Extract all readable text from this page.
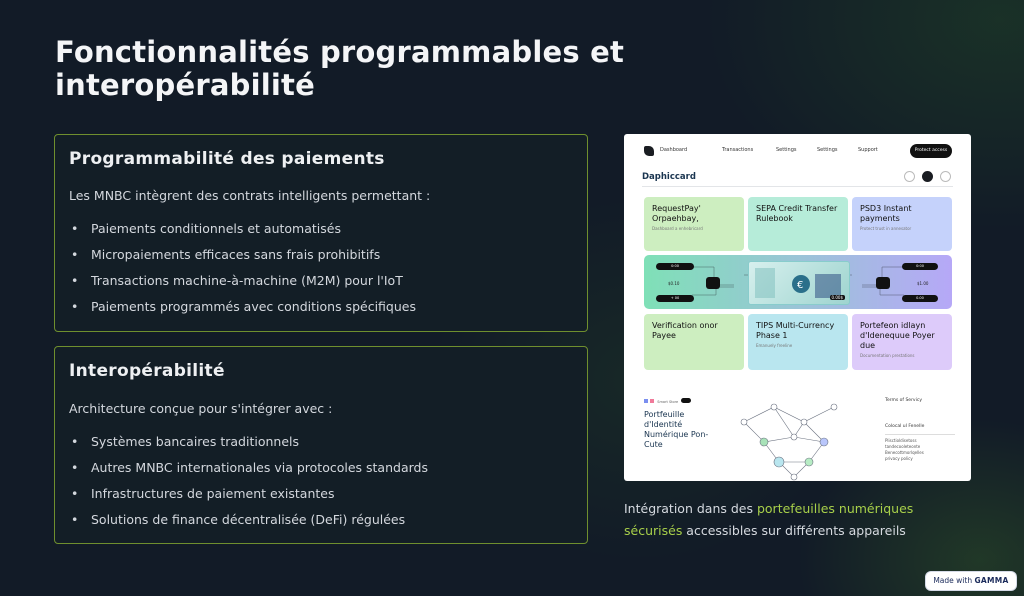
Fonctionnalités programmables et interopérabilité
Programmabilité des paiements
Les MNBC intègrent des contrats intelligents permettant :
• Paiements conditionnels et automatisés
• Micropaiements efficaces sans frais prohibitifs
• Transactions machine-à-machine (M2M) pour l'IoT
• Paiements programmés avec conditions spécifiques
Interopérabilité
Architecture conçue pour s'intégrer avec :
• Systèmes bancaires traditionnels
• Autres MNBC internationales via protocoles standards
• Infrastructures de paiement existantes
• Solutions de finance décentralisée (DeFi) régulées
Dashboard	Transactions	Settings	Settings	Support	Protect access
Daphiccard
RequestPay' Orpaehbay,
Dashboard a enhebricard
SEPA Credit Transfer Rulebook
PSD3 Instant payments
Protect trust in annesator
0:00	0:00
$0.10
+ 00
$1.00
0.00
€
0.00$
Verification onor Payee
TIPS Multi-Currency Phase 1
Emanuely freeline
Portefeon idlayn d'Idenequue Poyer due
Documentation prestations
Smart Store
Portfeuille d'Identité Numérique Pon-Cute
Terms of Servicy
Colocal ul Fenelle
Plisctioldisetoss
tandecooleteonte
Benecottmorlqelles
privacy policy

Intégration dans des portefeuilles numériques sécurisés accessibles sur différents appareils

Made with GAMMA
